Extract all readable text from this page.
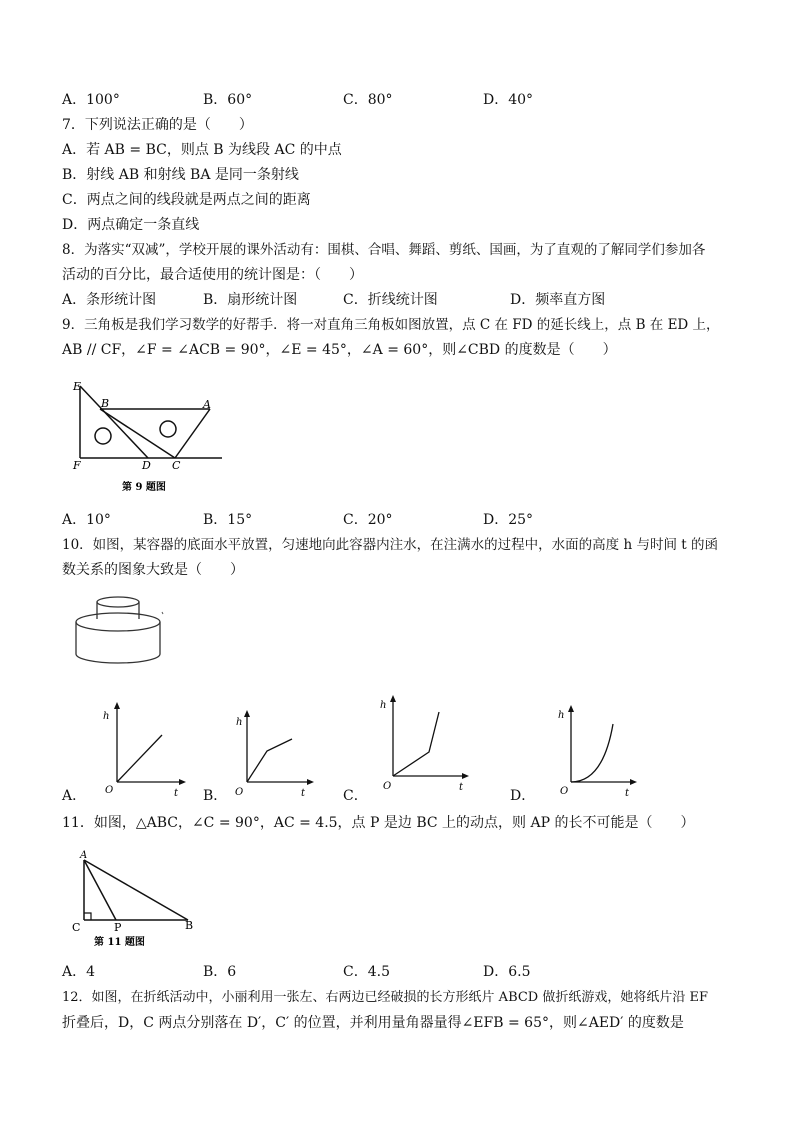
A．100°	B．60°	C．80°	D．40°
7．下列说法正确的是（　　）
A．若 AB = BC，则点 B 为线段 AC 的中点
B．射线 AB 和射线 BA 是同一条射线
C．两点之间的线段就是两点之间的距离
D．两点确定一条直线
8．为落实“双减”，学校开展的课外活动有：围棋、合唱、舞蹈、剪纸、国画，为了直观的了解同学们参加各
活动的百分比，最合适使用的统计图是：（　　）
A．条形统计图	B．扇形统计图	C．折线统计图	D．频率直方图
9．三角板是我们学习数学的好帮手．将一对直角三角板如图放置，点 C 在 FD 的延长线上，点 B 在 ED 上，
AB // CF，∠F = ∠ACB = 90°，∠E = 45°，∠A = 60°，则∠CBD 的度数是（　　）
E
B	A
F	D C
第 9 题图
A．10°	B．15°	C．20°	D．25°
10．如图，某容器的底面水平放置，匀速地向此容器内注水，在注满水的过程中，水面的高度 h 与时间 t 的函
数关系的图象大致是（　　）
h
t
O
h
t
O
h
t
O
h
t
O
A．	B．	C．	D．
11．如图，△ABC，∠C = 90°，AC = 4.5，点 P 是边 BC 上的动点，则 AP 的长不可能是（　　）
A
C	P	B
第 11 题图
A．4	B．6	C．4.5	D．6.5
12．如图，在折纸活动中，小丽利用一张左、右两边已经破损的长方形纸片 ABCD 做折纸游戏，她将纸片沿 EF
折叠后，D，C 两点分别落在 D′，C′ 的位置，并利用量角器量得∠EFB = 65°，则∠AED′ 的度数是
